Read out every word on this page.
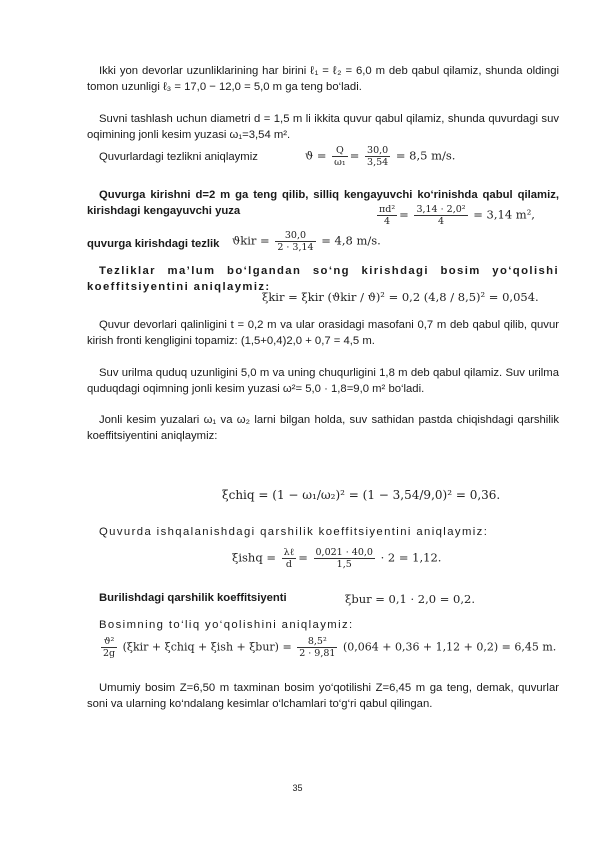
Ikki yon devorlar uzunliklarining har birini ℓ₁ = ℓ₂ = 6,0 m deb qabul qilamiz, shunda oldingi tomon uzunligi ℓ₃ = 17,0 − 12,0 = 5,0 m ga teng bo‘ladi.

Suvni tashlash uchun diametri d = 1,5 m li ikkita quvur qabul qilamiz, shunda quvurdagi suv oqimining jonli kesim yuzasi ω₁=3,54 m².

Quvurlardagi tezlikni aniqlaymiz	$ϑ = \frac{Q}{\text{ω₁}} = \frac{30,0}{3,54} = 8,5$ m/s.

Quvurga kirishni d=2 m ga teng qilib, silliq kengayuvchi ko‘rinishda qabul qilamiz, kirishdagi kengayuvchi yuza	$\frac{\text{πd²}}{4} = \frac{\text{3,14 · 2,0²}}{4} = 3,14$ m²,

quvurga kirishdagi tezlik	$ϑkir = \frac{30,0}{2 \cdot 3,14} = 4,8$ m/s.

Tezliklar ma’lum bo‘lgandan so‘ng kirishdagi bosim yo‘qolishi koeffitsiyentini aniqlaymiz:

ξkir = ξkir (ϑkir / ϑ)² = 0,2 (4,8 / 8,5)² = 0,054.

Quvur devorlari qalinligini t = 0,2 m va ular orasidagi masofani 0,7 m deb qabul qilib, quvur kirish fronti kengligini topamiz: (1,5+0,4)2,0 + 0,7 = 4,5 m.

Suv urilma quduq uzunligini 5,0 m va uning chuqurligini 1,8 m deb qabul qilamiz. Suv urilma quduqdagi oqimning jonli kesim yuzasi ω²= 5,0 · 1,8=9,0 m² bo‘ladi.

Jonli kesim yuzalari ω₁ va ω₂ larni bilgan holda, suv sathidan pastda chiqishdagi qarshilik koeffitsiyentini aniqlaymiz:

ξchiq = (1 − ω₁/ω₂)² = (1 − 3,54/9,0)² = 0,36.

Quvurda ishqalanishdagi qarshilik koeffitsiyentini aniqlaymiz:

ξishq = $\frac{\text{λℓ}}{d} = \frac{0,021 \cdot 40,0}{1,5} \cdot 2 = 1,12$.

Burilishdagi qarshilik koeffitsiyenti	ξbur = 0,1 · 2,0 = 0,2.

Bosimning to‘liq yo‘qolishini aniqlaymiz:

$\frac{\text{ϑ²}}{2g} (\xi kir$ + ξchiq + $\xi ish + \xi bur) = \frac{\text{8,5²}}{2 \cdot 9,81} (0,064 + 0,36 + 1,12 + 0,2) = 6,45$ m.

Umumiy bosim Z=6,50 m taxminan bosim yo‘qotilishi Z=6,45 m ga teng, demak, quvurlar soni va ularning ko‘ndalang kesimlar o‘lchamlari to‘g‘ri qabul qilingan.

35
